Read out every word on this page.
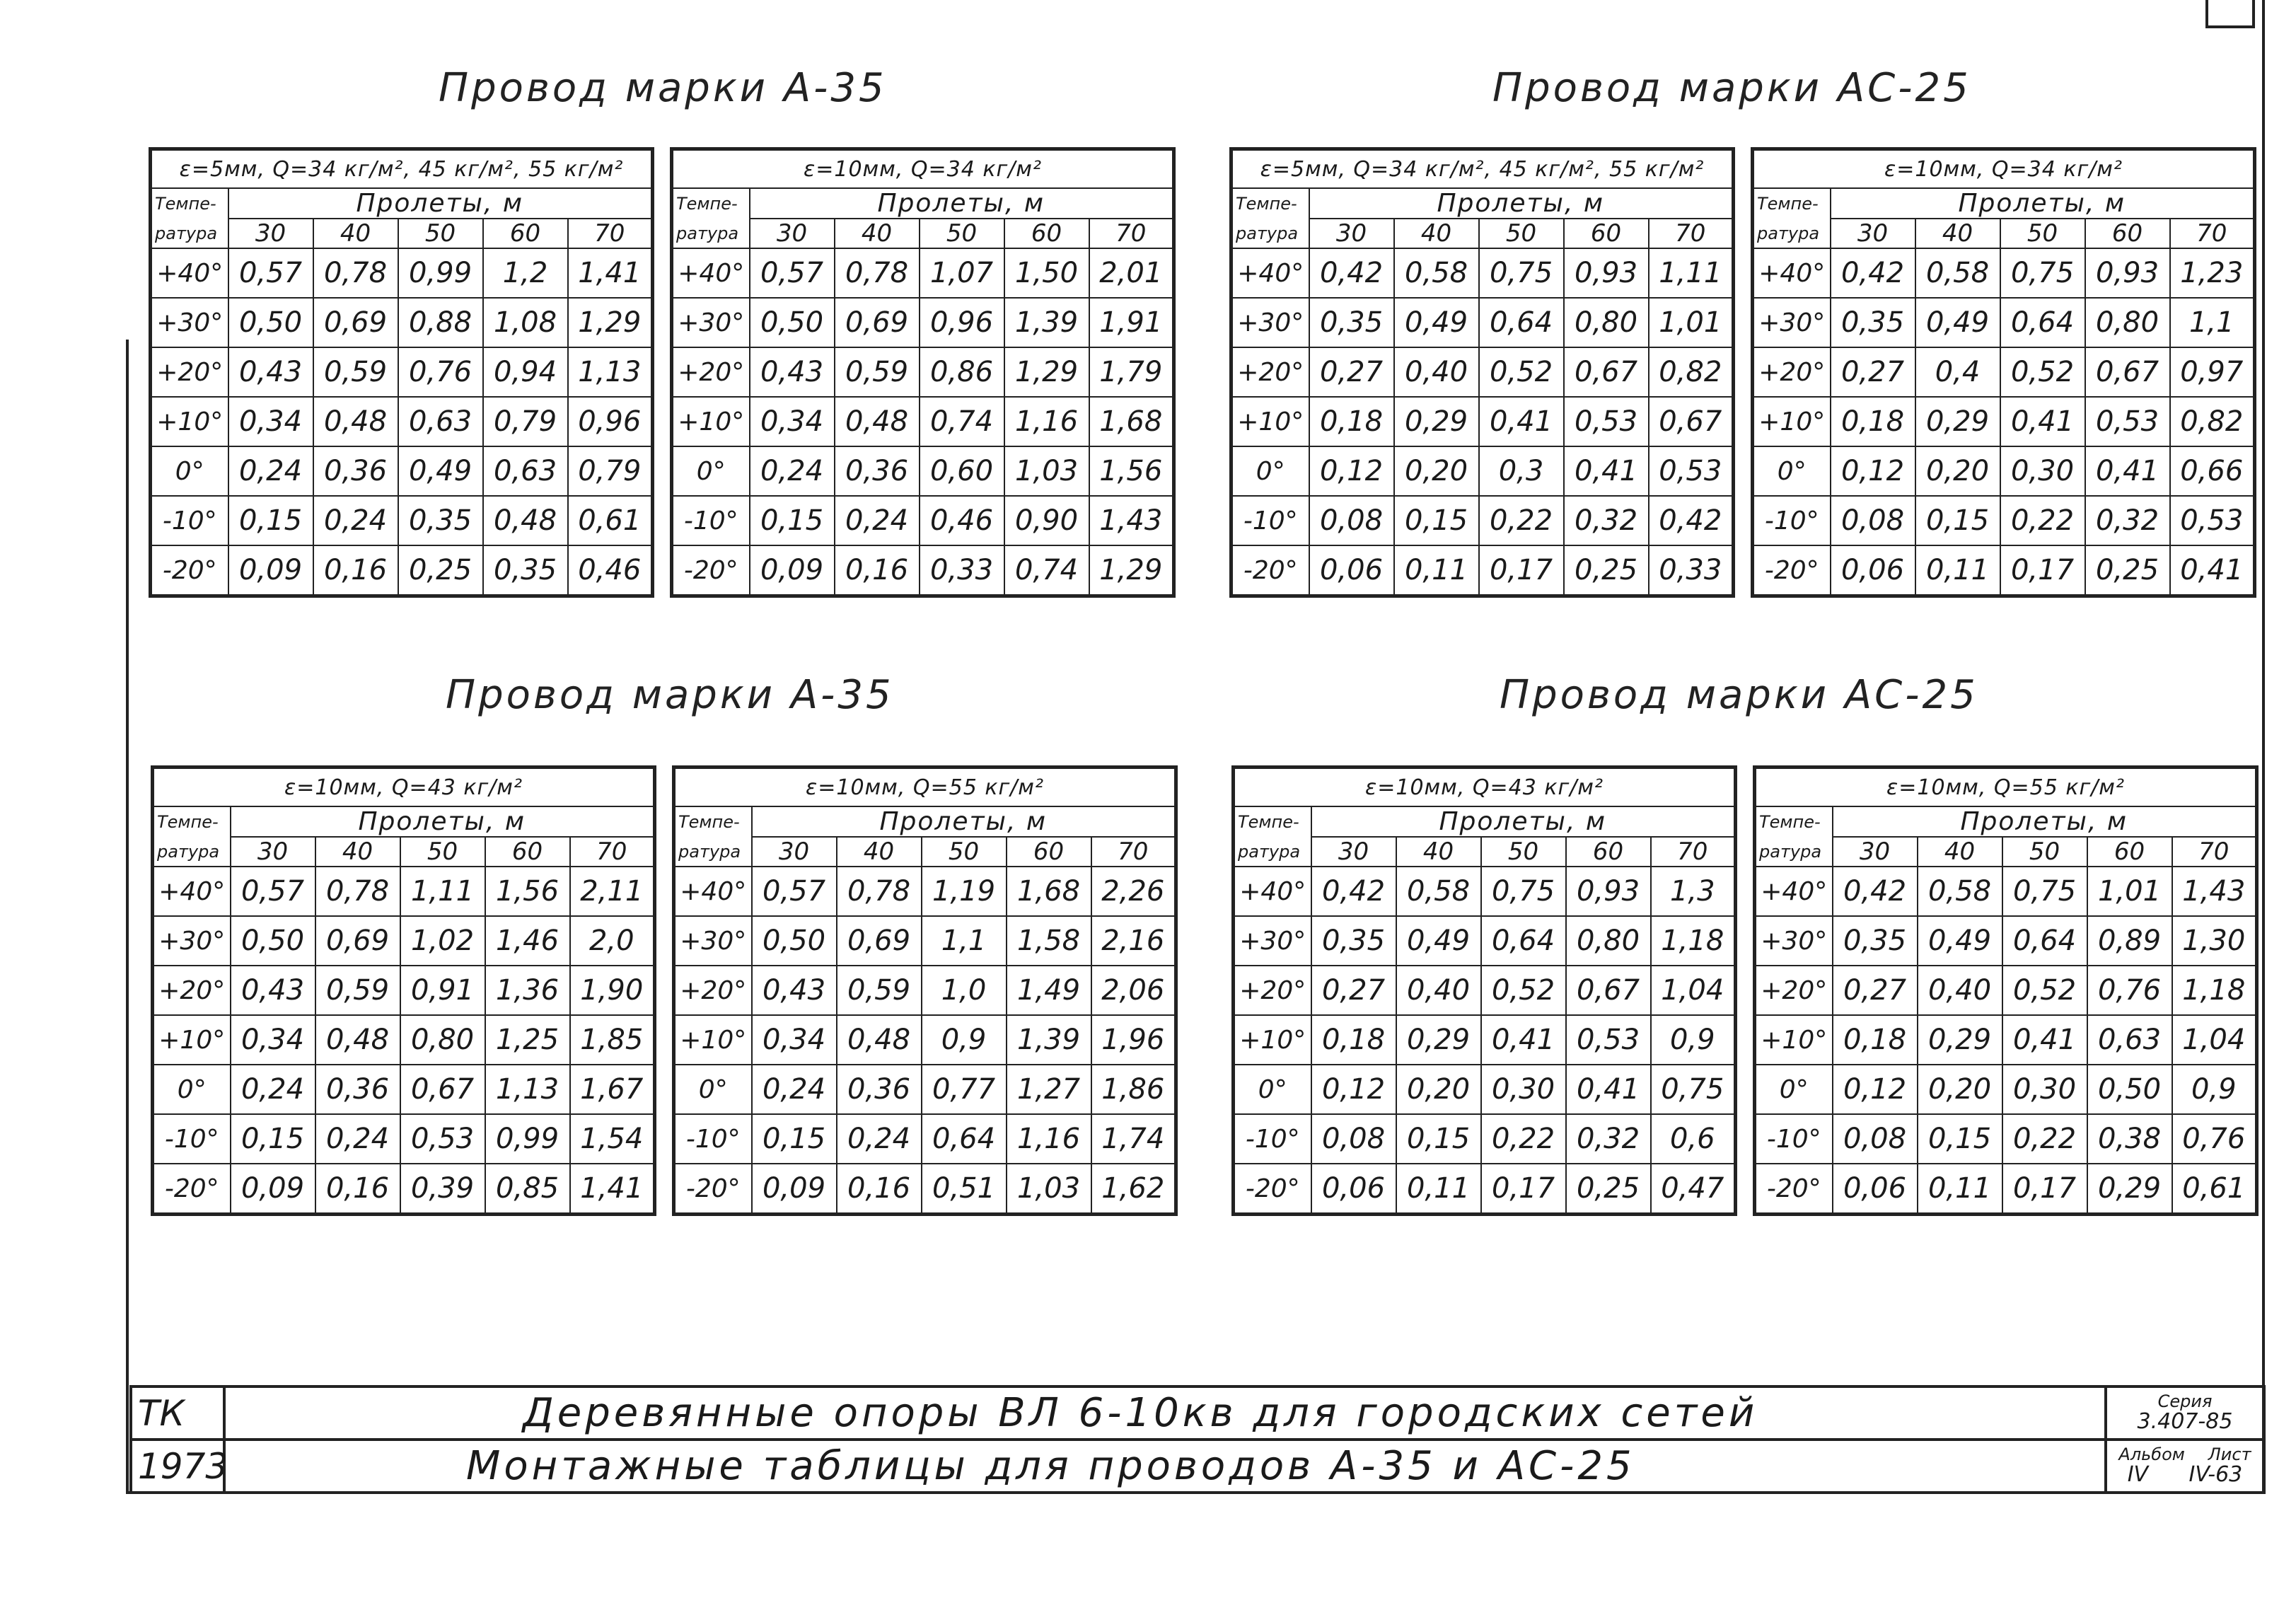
Провод марки А-35	Провод марки АС-25
Провод марки А-35	Провод марки АС-25
ε=5мм, Q=34 кг/м², 45 кг/м², 55 кг/м²					
Темпе-	Пролеты, м				
ратура	30	40	50	60	70
+40°	0,57	0,78	0,99	1,2	1,41
+30°	0,50	0,69	0,88	1,08	1,29
+20°	0,43	0,59	0,76	0,94	1,13
+10°	0,34	0,48	0,63	0,79	0,96
0°	0,24	0,36	0,49	0,63	0,79
-10°	0,15	0,24	0,35	0,48	0,61
-20°	0,09	0,16	0,25	0,35	0,46
ε=10мм, Q=34 кг/м²					
Темпе-	Пролеты, м				
ратура	30	40	50	60	70
+40°	0,57	0,78	1,07	1,50	2,01
+30°	0,50	0,69	0,96	1,39	1,91
+20°	0,43	0,59	0,86	1,29	1,79
+10°	0,34	0,48	0,74	1,16	1,68
0°	0,24	0,36	0,60	1,03	1,56
-10°	0,15	0,24	0,46	0,90	1,43
-20°	0,09	0,16	0,33	0,74	1,29
ε=5мм, Q=34 кг/м², 45 кг/м², 55 кг/м²					
Темпе-	Пролеты, м				
ратура	30	40	50	60	70
+40°	0,42	0,58	0,75	0,93	1,11
+30°	0,35	0,49	0,64	0,80	1,01
+20°	0,27	0,40	0,52	0,67	0,82
+10°	0,18	0,29	0,41	0,53	0,67
0°	0,12	0,20	0,3	0,41	0,53
-10°	0,08	0,15	0,22	0,32	0,42
-20°	0,06	0,11	0,17	0,25	0,33
ε=10мм, Q=34 кг/м²					
Темпе-	Пролеты, м				
ратура	30	40	50	60	70
+40°	0,42	0,58	0,75	0,93	1,23
+30°	0,35	0,49	0,64	0,80	1,1
+20°	0,27	0,4	0,52	0,67	0,97
+10°	0,18	0,29	0,41	0,53	0,82
0°	0,12	0,20	0,30	0,41	0,66
-10°	0,08	0,15	0,22	0,32	0,53
-20°	0,06	0,11	0,17	0,25	0,41
ε=10мм, Q=43 кг/м²					
Темпе-	Пролеты, м				
ратура	30	40	50	60	70
+40°	0,57	0,78	1,11	1,56	2,11
+30°	0,50	0,69	1,02	1,46	2,0
+20°	0,43	0,59	0,91	1,36	1,90
+10°	0,34	0,48	0,80	1,25	1,85
0°	0,24	0,36	0,67	1,13	1,67
-10°	0,15	0,24	0,53	0,99	1,54
-20°	0,09	0,16	0,39	0,85	1,41
ε=10мм, Q=55 кг/м²					
Темпе-	Пролеты, м				
ратура	30	40	50	60	70
+40°	0,57	0,78	1,19	1,68	2,26
+30°	0,50	0,69	1,1	1,58	2,16
+20°	0,43	0,59	1,0	1,49	2,06
+10°	0,34	0,48	0,9	1,39	1,96
0°	0,24	0,36	0,77	1,27	1,86
-10°	0,15	0,24	0,64	1,16	1,74
-20°	0,09	0,16	0,51	1,03	1,62
ε=10мм, Q=43 кг/м²					
Темпе-	Пролеты, м				
ратура	30	40	50	60	70
+40°	0,42	0,58	0,75	0,93	1,3
+30°	0,35	0,49	0,64	0,80	1,18
+20°	0,27	0,40	0,52	0,67	1,04
+10°	0,18	0,29	0,41	0,53	0,9
0°	0,12	0,20	0,30	0,41	0,75
-10°	0,08	0,15	0,22	0,32	0,6
-20°	0,06	0,11	0,17	0,25	0,47
ε=10мм, Q=55 кг/м²					
Темпе-	Пролеты, м				
ратура	30	40	50	60	70
+40°	0,42	0,58	0,75	1,01	1,43
+30°	0,35	0,49	0,64	0,89	1,30
+20°	0,27	0,40	0,52	0,76	1,18
+10°	0,18	0,29	0,41	0,63	1,04
0°	0,12	0,20	0,30	0,50	0,9
-10°	0,08	0,15	0,22	0,38	0,76
-20°	0,06	0,11	0,17	0,29	0,61
ТК	Деревянные опоры ВЛ 6-10кв для городских сетей	Серия
3.407-85
1973	Монтажные таблицы для проводов А-35 и АС-25	Альбом Лист
IV IV-63
